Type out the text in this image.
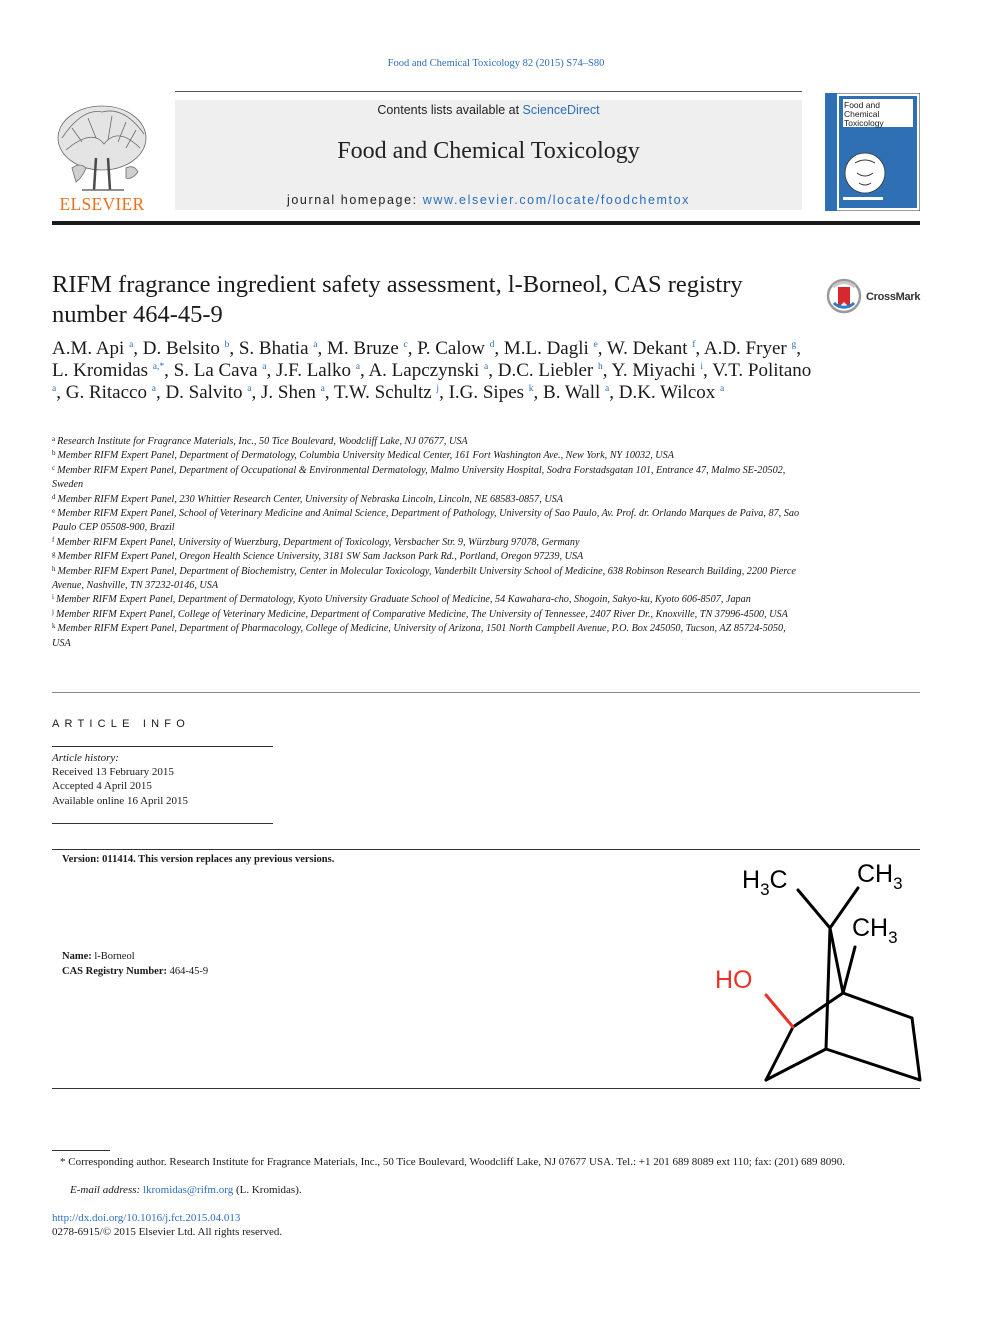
Food and Chemical Toxicology 82 (2015) S74–S80
ELSEVIER
Contents lists available at ScienceDirect
Food and Chemical Toxicology
journal homepage: www.elsevier.com/locate/foodchemtox
Food and Chemical Toxicology
RIFM fragrance ingredient safety assessment, l-Borneol, CAS registry number 464-45-9
CrossMark
A.M. Api $^a$, D. Belsito $^b$, S. Bhatia $^a$, M. Bruze $^c$, P. Calow $^d$, M.L. Dagli $^e$, W. Dekant $^f$, A.D. Fryer $^g$, L. Kromidas $^{a,*}$, S. La Cava $^a$, J.F. Lalko $^a$, A. Lapczynski $^a$, D.C. Liebler $^h$, Y. Miyachi $^i$, V.T. Politano $^a$, G. Ritacco $^a$, D. Salvito $^a$, J. Shen $^a$, T.W. Schultz $^j$, I.G. Sipes $^k$, B. Wall $^a$, D.K. Wilcox $^a$
$^a$ Research Institute for Fragrance Materials, Inc., 50 Tice Boulevard, Woodcliff Lake, NJ 07677, USA
$^b$ Member RIFM Expert Panel, Department of Dermatology, Columbia University Medical Center, 161 Fort Washington Ave., New York, NY 10032, USA
$^c$ Member RIFM Expert Panel, Department of Occupational & Environmental Dermatology, Malmo University Hospital, Sodra Forstadsgatan 101, Entrance 47, Malmo SE-20502, Sweden
$^d$ Member RIFM Expert Panel, 230 Whittier Research Center, University of Nebraska Lincoln, Lincoln, NE 68583-0857, USA
$^e$ Member RIFM Expert Panel, School of Veterinary Medicine and Animal Science, Department of Pathology, University of Sao Paulo, Av. Prof. dr. Orlando Marques de Paiva, 87, Sao Paulo CEP 05508-900, Brazil
$^f$ Member RIFM Expert Panel, University of Wuerzburg, Department of Toxicology, Versbacher Str. 9, Würzburg 97078, Germany
$^g$ Member RIFM Expert Panel, Oregon Health Science University, 3181 SW Sam Jackson Park Rd., Portland, Oregon 97239, USA
$^h$ Member RIFM Expert Panel, Department of Biochemistry, Center in Molecular Toxicology, Vanderbilt University School of Medicine, 638 Robinson Research Building, 2200 Pierce Avenue, Nashville, TN 37232-0146, USA
$^i$ Member RIFM Expert Panel, Department of Dermatology, Kyoto University Graduate School of Medicine, 54 Kawahara-cho, Shogoin, Sakyo-ku, Kyoto 606-8507, Japan
$^j$ Member RIFM Expert Panel, College of Veterinary Medicine, Department of Comparative Medicine, The University of Tennessee, 2407 River Dr., Knoxville, TN 37996-4500, USA
$^k$ Member RIFM Expert Panel, Department of Pharmacology, College of Medicine, University of Arizona, 1501 North Campbell Avenue, P.O. Box 245050, Tucson, AZ 85724-5050, USA
ARTICLE INFO
Article history:
Received 13 February 2015
Accepted 4 April 2015
Available online 16 April 2015
Version: 011414. This version replaces any previous versions.
Name: l-Borneol
CAS Registry Number: 464-45-9
$H_3C$	$CH_3$
$CH_3$
HO
* Corresponding author. Research Institute for Fragrance Materials, Inc., 50 Tice Boulevard, Woodcliff Lake, NJ 07677 USA. Tel.: +1 201 689 8089 ext 110; fax: (201) 689 8090.
E-mail address: lkromidas@rifm.org (L. Kromidas).
http://dx.doi.org/10.1016/j.fct.2015.04.013
0278-6915/© 2015 Elsevier Ltd. All rights reserved.
